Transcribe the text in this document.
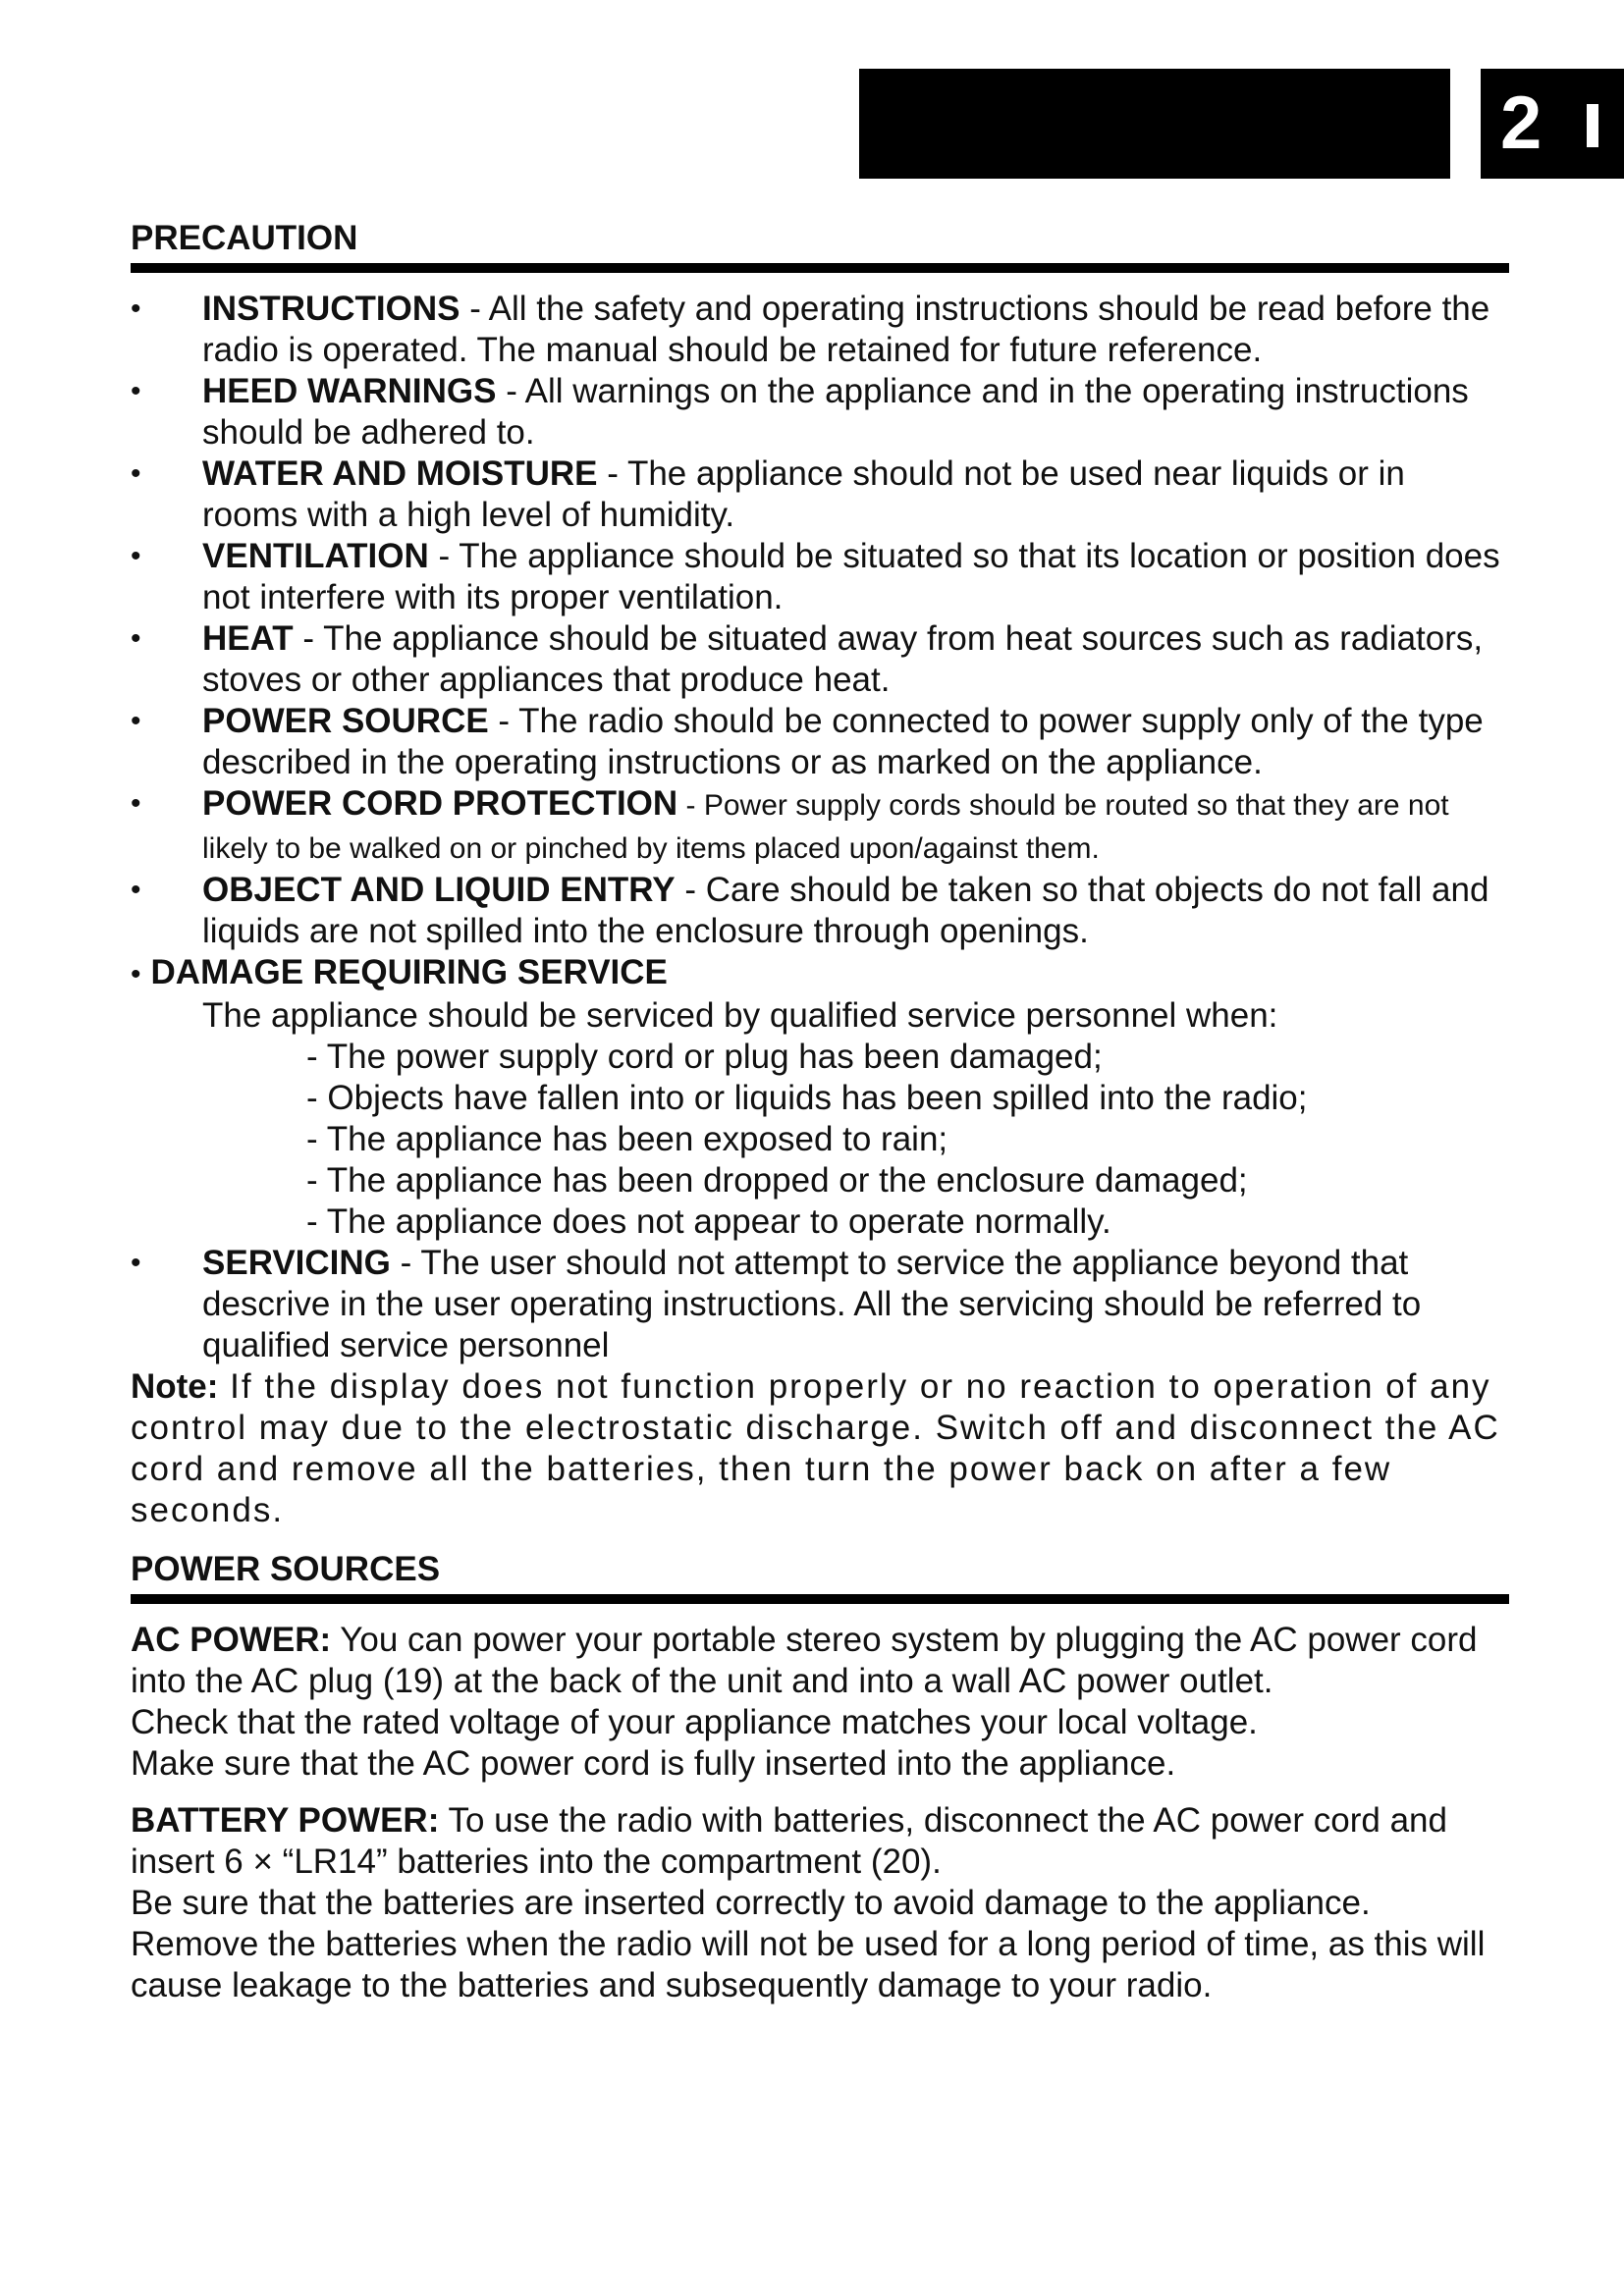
2
PRECAUTION
•
INSTRUCTIONS - All the safety and operating instructions should be read before the radio is operated. The manual should be retained for future reference.
•
HEED WARNINGS - All warnings on the appliance and in the operating instructions should be adhered to.
•
WATER AND MOISTURE - The appliance should not be used near liquids or in rooms with a high level of humidity.
•
VENTILATION - The appliance should be situated so that its location or position does not interfere with its proper ventilation.
•
HEAT - The appliance should be situated away from heat sources such as radiators, stoves or other appliances that produce heat.
•
POWER SOURCE - The radio should be connected to power supply only of the type described in the operating instructions or as marked on the appliance.
•
POWER CORD PROTECTION - Power supply cords should be routed so that they are not likely to be walked on or pinched by items placed upon/against them.
•
OBJECT AND LIQUID ENTRY - Care should be taken so that objects do not fall and liquids are not spilled into the enclosure through openings.
• DAMAGE REQUIRING SERVICE
The appliance should be serviced by qualified service personnel when:
- The power supply cord or plug has been damaged;
- Objects have fallen into or liquids has been spilled into the radio;
- The appliance has been exposed to rain;
- The appliance has been dropped or the enclosure damaged;
- The appliance does not appear to operate normally.
•
SERVICING - The user should not attempt to service the appliance beyond that descrive in the user operating instructions. All the servicing should be referred to qualified service personnel

Note: If the display does not function properly or no reaction to operation of any control may due to the electrostatic discharge. Switch off and disconnect the AC cord and remove all the batteries, then turn the power back on after a few seconds.

POWER SOURCES

AC POWER: You can power your portable stereo system by plugging the AC power cord into the AC plug (19) at the back of the unit and into a wall AC power outlet.

Check that the rated voltage of your appliance matches your local voltage.

Make sure that the AC power cord is fully inserted into the appliance.

BATTERY POWER: To use the radio with batteries, disconnect the AC power cord and insert 6 × “LR14” batteries into the compartment (20).

Be sure that the batteries are inserted correctly to avoid damage to the appliance.

Remove the batteries when the radio will not be used for a long period of time, as this will cause leakage to the batteries and subsequently damage to your radio.
